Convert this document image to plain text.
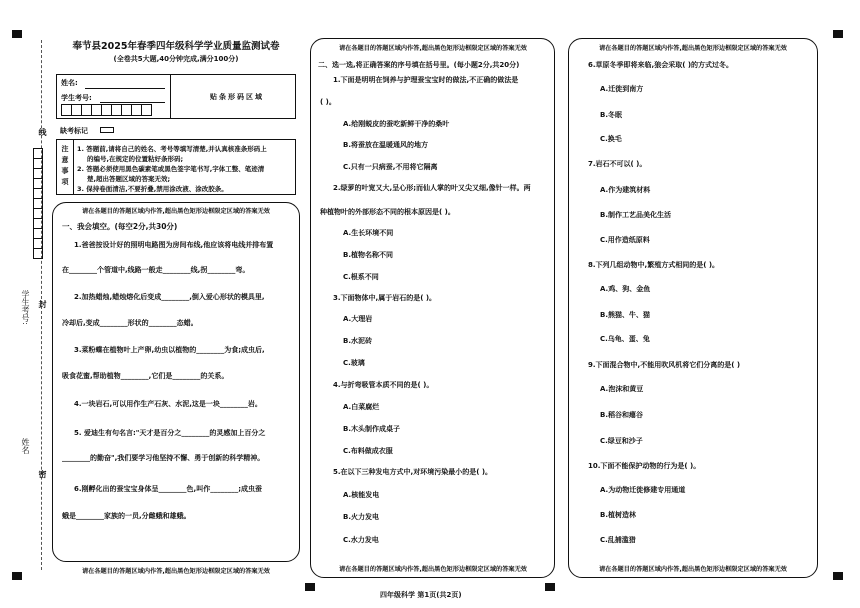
线
封
密
学生考号:
姓名
奉节县2025年春季四年级科学学业质量监测试卷
(全卷共5大题,40分钟完成,满分100分)
姓名:
学生考号:	贴条形码区域
缺考标记
注意事项
1. 答题前,请将自己的姓名、考号等填写清楚,并认真核准条形码上
的编号,在规定的位置粘好条形码;
2. 答题必须使用黑色碳素笔或黑色签字笔书写,字体工整、笔迹清
楚,超出答题区域的答案无效;
3. 保持卷面清洁,不要折叠,禁用涂改液、涂改胶条。
请在各题目的答题区域内作答,超出黑色矩形边框限定区域的答案无效
请在各题目的答题区域内作答,超出黑色矩形边框限定区域的答案无效
一、我会填空。(每空2分,共30分)
1.爸爸按设计好的照明电路图为房间布线,他应该将电线并排布置
在________个管道中,线路一般走________线,拐________弯。
2.加热蜡烛,蜡烛熔化后变成________,倒入爱心形状的模具里,
冷却后,变成________形状的________态蜡。
3.菜粉蝶在植物叶上产卵,幼虫以植物的________为食;成虫后,
吸食花蜜,帮助植物________,它们是________的关系。
4.一块岩石,可以用作生产石灰、水泥,这是一块________岩。
5. 爱迪生有句名言:"天才是百分之________的灵感加上百分之
________的勤奋",我们要学习他坚持不懈、勇于创新的科学精神。
6.刚孵化出的蚕宝宝身体呈________色,叫作________;成虫蚕
蛾是________家族的一员,分雌蛾和雄蛾。
请在各题目的答题区域内作答,超出黑色矩形边框限定区域的答案无效
请在各题目的答题区域内作答,超出黑色矩形边框限定区域的答案无效
二、选一选,将正确答案的序号填在括号里。(每小题2分,共20分)
1.下面是明明在饲养与护理蚕宝宝时的做法,不正确的做法是
( )。
A.给刚蜕皮的蚕吃新鲜干净的桑叶
B.将蚕放在温暖通风的地方
C.只有一只病蚕,不用将它隔离
2.绿萝的叶宽又大,呈心形;而仙人掌的叶又尖又细,像针一样。两
种植物叶的外部形态不同的根本原因是( )。
A.生长环境不同
B.植物名称不同
C.根系不同
3.下面物体中,属于岩石的是( )。
A.大理岩
B.水泥砖
C.玻璃
4.与折弯吸管本质不同的是( )。
A.白菜腐烂
B.木头制作成桌子
C.布料做成衣服
5.在以下三种发电方式中,对环境污染最小的是( )。
A.核能发电
B.火力发电
C.水力发电
请在各题目的答题区域内作答,超出黑色矩形边框限定区域的答案无效
请在各题目的答题区域内作答,超出黑色矩形边框限定区域的答案无效
6.草原冬季即将来临,狼会采取( )的方式过冬。
A.迁徙到南方
B.冬眠
C.换毛
7.岩石不可以( )。
A.作为建筑材料
B.制作工艺品美化生活
C.用作造纸原料
8.下列几组动物中,繁殖方式相同的是( )。
A.鸡、狗、金鱼
B.熊猫、牛、猫
C.乌龟、蛋、兔
9.下面混合物中,不能用吹风机将它们分离的是( )
A.泡沫和黄豆
B.稻谷和瘪谷
C.绿豆和沙子
10.下面不能保护动物的行为是( )。
A.为动物迁徙修建专用通道
B.植树造林
C.乱捕滥猎
四年级科学 第1页(共2页)
